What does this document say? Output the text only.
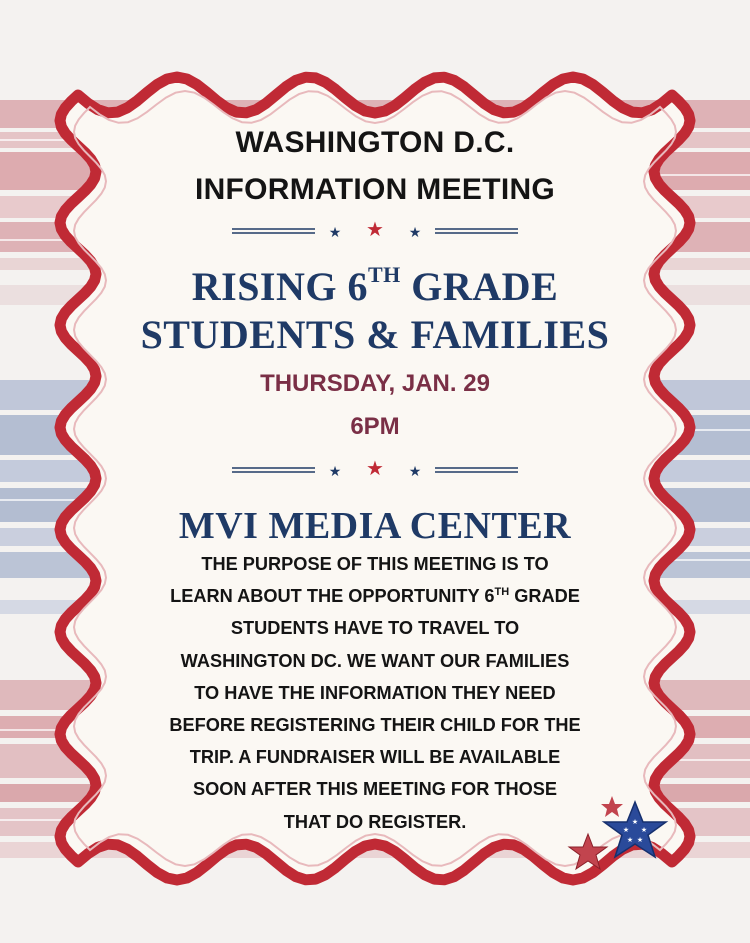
WASHINGTON D.C.
INFORMATION MEETING
★ ★ ★
RISING 6TH GRADE
STUDENTS & FAMILIES

THURSDAY, JAN. 29

6PM

★ ★ ★
MVI MEDIA CENTER

THE PURPOSE OF THIS MEETING IS TO
LEARN ABOUT THE OPPORTUNITY 6TH GRADE
STUDENTS HAVE TO TRAVEL TO
WASHINGTON DC. WE WANT OUR FAMILIES
TO HAVE THE INFORMATION THEY NEED
BEFORE REGISTERING THEIR CHILD FOR THE
TRIP. A FUNDRAISER WILL BE AVAILABLE
SOON AFTER THIS MEETING FOR THOSE
THAT DO REGISTER.	★
★ ★
★ ★
